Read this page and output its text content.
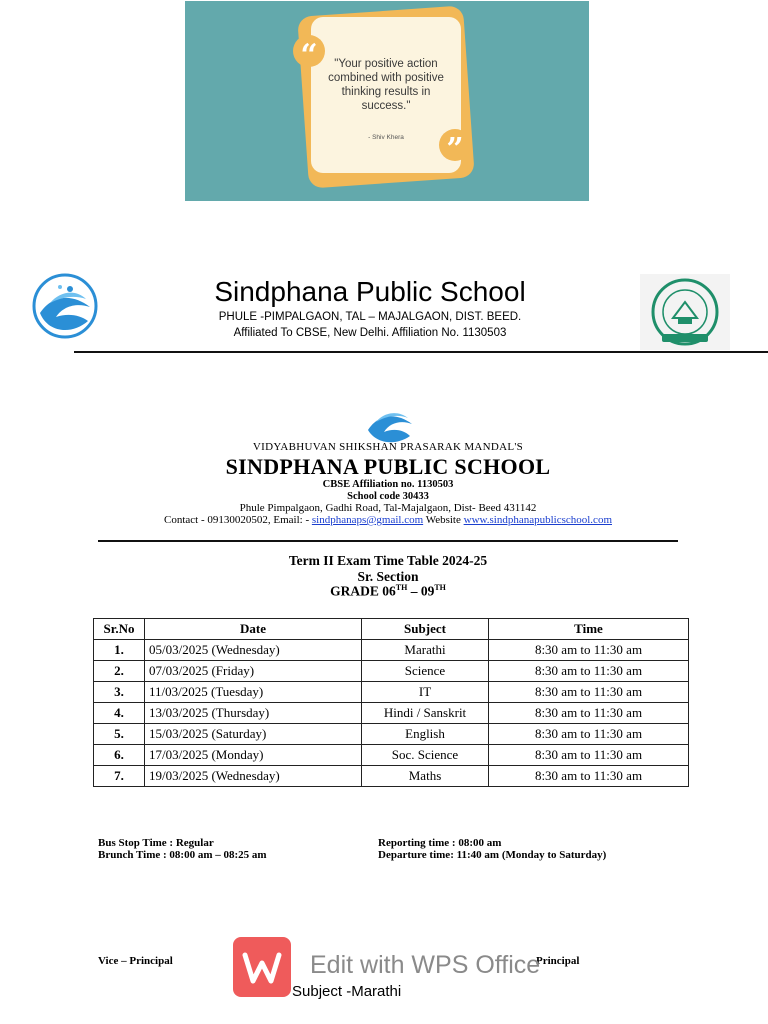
“
”
"Your positive action combined with positive thinking results in success."
- Shiv Khera
Sindphana Public School
PHULE -PIMPALGAON, TAL – MAJALGAON, DIST. BEED.
Affiliated To CBSE, New Delhi. Affiliation No. 1130503
VIDYABHUVAN SHIKSHAN PRASARAK MANDAL'S
SINDPHANA PUBLIC SCHOOL
CBSE Affiliation no. 1130503
School code 30433
Phule Pimpalgaon, Gadhi Road, Tal-Majalgaon, Dist- Beed 431142
Contact - 09130020502, Email: - sindphanaps@gmail.com Website www.sindphanapublicschool.com
Term II Exam Time Table 2024-25
Sr. Section
GRADE 06TH – 09TH
Sr.No	Date	Subject	Time
1.	05/03/2025 (Wednesday)	Marathi	8:30 am to 11:30 am
2.	07/03/2025 (Friday)	Science	8:30 am to 11:30 am
3.	11/03/2025 (Tuesday)	IT	8:30 am to 11:30 am
4.	13/03/2025 (Thursday)	Hindi / Sanskrit	8:30 am to 11:30 am
5.	15/03/2025 (Saturday)	English	8:30 am to 11:30 am
6.	17/03/2025 (Monday)	Soc. Science	8:30 am to 11:30 am
7.	19/03/2025 (Wednesday)	Maths	8:30 am to 11:30 am
Bus Stop Time : Regular
Brunch Time : 08:00 am – 08:25 am
Reporting time : 08:00 am
Departure time: 11:40 am (Monday to Saturday)
Vice – Principal	Principal
Edit with WPS Office
Subject -Marathi
